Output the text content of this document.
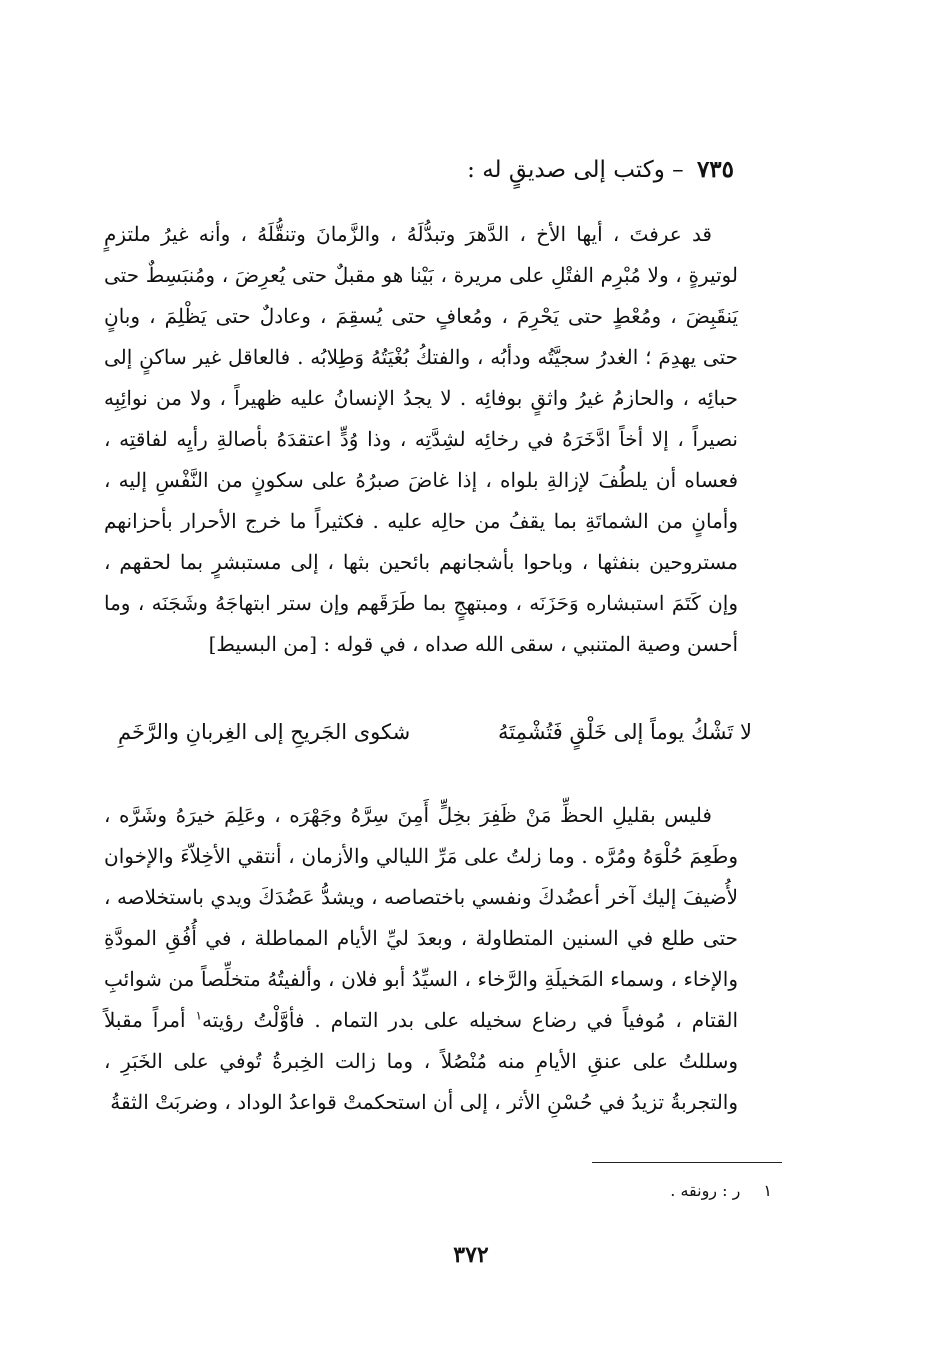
٧٣٥ – وكتب إلى صديقٍ له :

قد عرفتَ ، أيها الأخ ، الدَّهرَ وتبدُّلَهُ ، والزَّمانَ وتنقُّلَهُ ، وأنه غيرُ ملتزمٍ لوتيرةٍ ، ولا مُبْرِم الفتْلِ على مريرة ، بَيْنا هو مقبلٌ حتى يُعرِضَ ، ومُنبَسِطٌ حتى يَنقَبِضَ ، ومُعْطٍ حتى يَحْرِمَ ، ومُعافٍ حتى يُسقِمَ ، وعادلٌ حتى يَظْلِمَ ، وبانٍ حتى يهدِمَ ؛ الغدرُ سجيَّتُه ودأبُه ، والفتكُ بُغْيَتُهُ وَطِلابُه . فالعاقل غير ساكنٍ إلى حبائِه ، والحازمُ غيرُ واثقٍ بوفائِه . لا يجدُ الإنسانُ عليه ظهيراً ، ولا من نوائِبِه نصيراً ، إلا أخاً ادَّخَرَهُ في رخائِه لشِدَّتِه ، وذا وُدٍّ اعتقدَهُ بأصالةِ رأيِه لفاقتِه ، فعساه أن يلطُفَ لإزالةِ بلواه ، إذا غاضَ صبرُهُ على سكونٍ من النَّفْسِ إليه ، وأمانٍ من الشماتَةِ بما يقفُ من حالِه عليه . فكثيراً ما خرج الأحرار بأحزانهم مستروحين بنفثها ، وباحوا بأشجانهم بائحين بثها ، إلى مستبشرٍ بما لحقهم ، وإن كَتَمَ استبشاره وَحَزَنَه ، ومبتهجٍ بما طَرَقَهم وإن ستر ابتهاجَهُ وشَجَنَه ، وما أحسن وصية المتنبي ، سقى الله صداه ، في قوله : [من البسيط]

لا تَشْكُ يوماً إلى خَلْقٍ فَتُشْمِتَهُ
شكوى الجَريحِ إلى الغِربانِ والرَّخَمِ

فليس بقليلِ الحظِّ مَنْ ظَفِرَ بخِلٍّ أَمِنَ سِرَّهُ وجَهْرَه ، وعَلِمَ خيرَهُ وشَرَّه ، وطَعِمَ حُلْوَهُ ومُرَّه . وما زلتُ على مَرِّ الليالي والأزمان ، أنتقي الأخِلاّءَ والإخوان لأُضيفَ إليك آخر أعضُدكَ ونفسي باختصاصه ، ويشدُّ عَضُدَكَ ويدي باستخلاصه ، حتى طلع في السنين المتطاولة ، وبعدَ ليِّ الأيام المماطلة ، في أُفُقِ المودَّةِ والإخاء ، وسماء المَخيلَةِ والرَّخاء ، السيِّدُ أبو فلان ، وألفيتُهُ متخلِّصاً من شوائبِ القتام ، مُوفياً في رضاع سخيله على بدر التمام . فأوَّلْتُ رؤيته$^١$ أمراً مقبلاً وسللتُ على عنقِ الأيامِ منه مُنْصُلاً ، وما زالت الخِبرةُ تُوفي على الخَبَرِ ، والتجربةُ تزيدُ في حُسْنِ الأثر ، إلى أن استحكمتْ قواعدُ الوداد ، وضربَتْ الثقةُ

١ ر : رونقه .
٣٧٢
